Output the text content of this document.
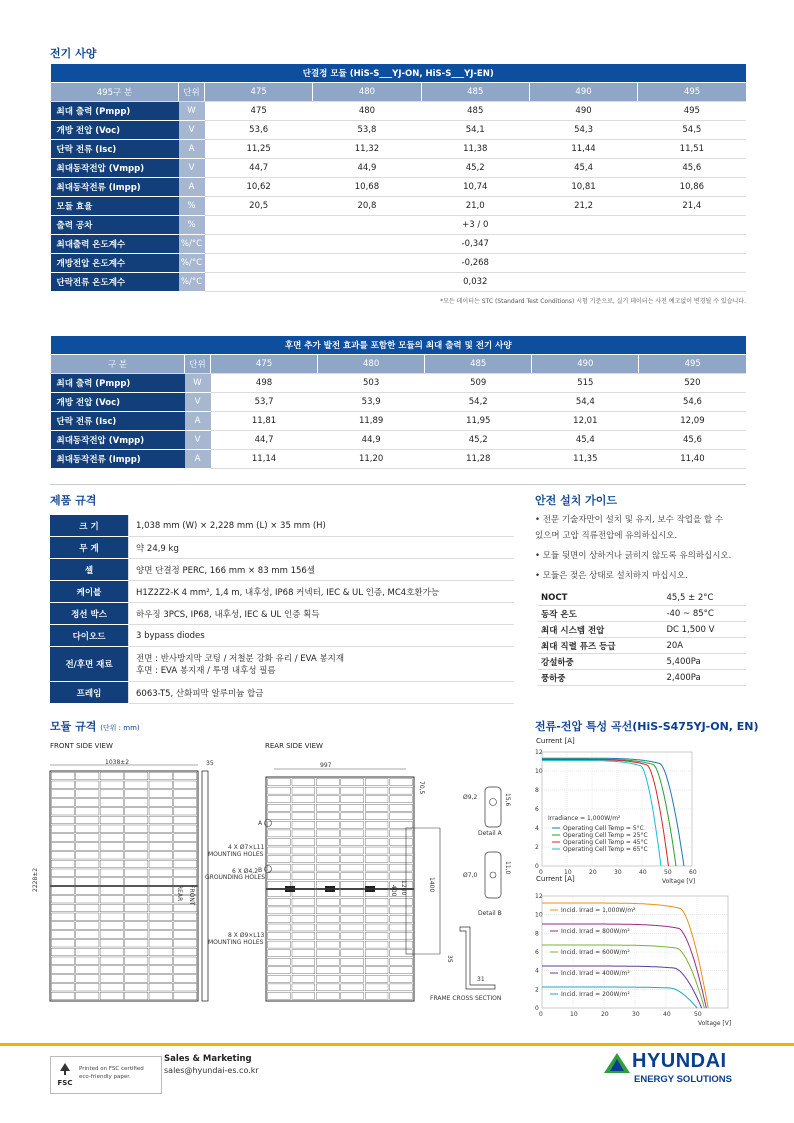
전기 사양
단결정 모듈 (HiS-S___YJ-ON, HiS-S___YJ-EN)						
495구 분	단위	475	480	485	490	495
최대 출력 (Pmpp)	W	475	480	485	490	495
개방 전압 (Voc)	V	53,6	53,8	54,1	54,3	54,5
단락 전류 (Isc)	A	11,25	11,32	11,38	11,44	11,51
최대동작전압 (Vmpp)	V	44,7	44,9	45,2	45,4	45,6
최대동작전류 (Impp)	A	10,62	10,68	10,74	10,81	10,86
모듈 효율	%	20,5	20,8	21,0	21,2	21,4
출력 공차	%	+3 / 0				
최대출력 온도계수	%/°C	-0,347				
개방전압 온도계수	%/°C	-0,268				
단락전류 온도계수	%/°C	0,032				
*모든 데이터는 STC (Standard Test Conditions) 시험 기준으로, 실기 데이터는 사전 예고없이 변경될 수 있습니다.
후면 추가 발전 효과를 포함한 모듈의 최대 출력 및 전기 사양						
구 분	단위	475	480	485	490	495
최대 출력 (Pmpp)	W	498	503	509	515	520
개방 전압 (Voc)	V	53,7	53,9	54,2	54,4	54,6
단락 전류 (Isc)	A	11,81	11,89	11,95	12,01	12,09
최대동작전압 (Vmpp)	V	44,7	44,9	45,2	45,4	45,6
최대동작전류 (Impp)	A	11,14	11,20	11,28	11,35	11,40
제품 규격
크 기	1,038 mm (W) × 2,228 mm (L) × 35 mm (H)
무 게	약 24,9 kg
셀	양면 단결정 PERC, 166 mm × 83 mm 156셀
케이블	H1Z2Z2-K 4 mm², 1,4 m, 내후성, IP68 커넥터, IEC & UL 인증, MC4호환가능
정선 박스	하우징 3PCS, IP68, 내후성, IEC & UL 인증 획득
다이오드	3 bypass diodes
전/후면 재료	전면 : 반사방지막 코팅 / 저철분 강화 유리 / EVA 봉지재
후면 : EVA 봉지재 / 투명 내후성 필름

프레임	6063-T5, 산화피막 알루미늄 합금
안전 설치 가이드
• 전문 기술자만이 설치 및 유지, 보수 작업을 할 수
있으며 고압 직류전압에 유의하십시오.
• 모듈 뒷면이 상하거나 긁히지 않도록 유의하십시오.
• 모듈은 젖은 상태로 설치하지 마십시오.
NOCT	45,5 ± 2°C
동작 온도	-40 ~ 85°C
최대 시스템 전압	DC 1,500 V
최대 직렬 퓨즈 등급	20A
강설하중	5,400Pa
풍하중	2,400Pa
모듈 규격 (단위 : mm)
FRONT SIDE VIEW	REAR SIDE VIEW
1038±2
2228±2
35
REAR FRONT
997
70,5
400 1200	1400
A
B
4 X Ø7×L11
MOUNTING HOLES
6 X Ø4,2
GROUNDING HOLES
8 X Ø9×L13
MOUNTING HOLES
Ø9,2	15,6
Detail A
Ø7,0
11,0
Detail B
35
31
FRAME CROSS SECTION
전류-전압 특성 곡선(HiS-S475YJ-ON, EN)
Current [A]
0
2
4
6
8
10
12
0	10	20	30	40	50	60
Voltage [V]
Operating Cell Temp = 5°C
Operating Cell Temp = 25°C
Operating Cell Temp = 45°C
Operating Cell Temp = 65°C
Irradiance = 1,000W/m²
Current [A]
0
2
4
6
8
10
12
0	10	20	30	40	50
Voltage [V]
Incid. Irrad = 1,000W/m²
Incid. Irrad = 800W/m²
Incid. Irrad = 600W/m²
Incid. Irrad = 400W/m²
Incid. Irrad = 200W/m²
FSC
Printed on FSC certified
eco-friendly paper.
Sales & Marketing
sales@hyundai-es.co.kr	HYUNDAI
ENERGY SOLUTIONS
